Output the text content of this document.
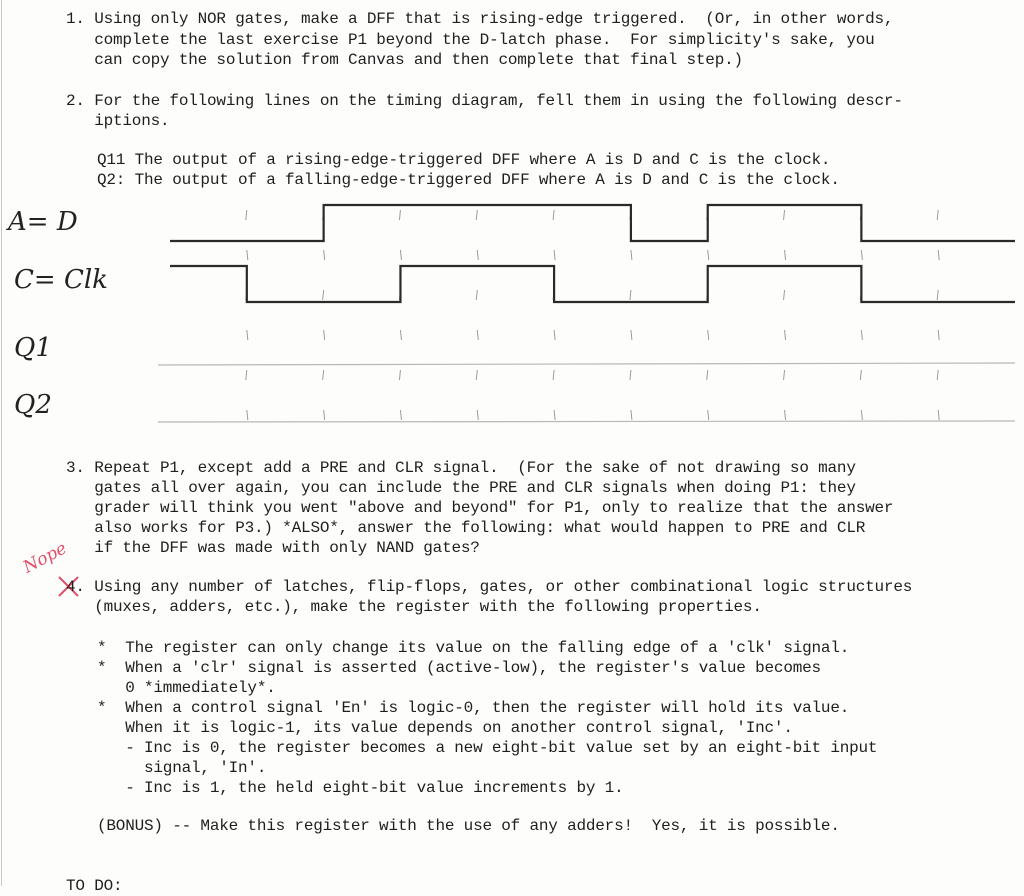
1. Using only NOR gates, make a DFF that is rising-edge triggered.  (Or, in other words,
complete the last exercise P1 beyond the D-latch phase.  For simplicity's sake, you
can copy the solution from Canvas and then complete that final step.)
2. For the following lines on the timing diagram, fell them in using the following descr-
iptions.
Q11 The output of a rising-edge-triggered DFF where A is D and C is the clock.
Q2: The output of a falling-edge-triggered DFF where A is D and C is the clock.
A= D
C= Clk
Q1
Q2
3. Repeat P1, except add a PRE and CLR signal.  (For the sake of not drawing so many
gates all over again, you can include the PRE and CLR signals when doing P1: they
grader will think you went "above and beyond" for P1, only to realize that the answer
also works for P3.) *ALSO*, answer the following: what would happen to PRE and CLR
if the DFF was made with only NAND gates?
Nope
4. Using any number of latches, flip-flops, gates, or other combinational logic structures
(muxes, adders, etc.), make the register with the following properties.
*  The register can only change its value on the falling edge of a 'clk' signal.
*  When a 'clr' signal is asserted (active-low), the register's value becomes
0 *immediately*.
*  When a control signal 'En' is logic-0, then the register will hold its value.
When it is logic-1, its value depends on another control signal, 'Inc'.
- Inc is 0, the register becomes a new eight-bit value set by an eight-bit input
signal, 'In'.
- Inc is 1, the held eight-bit value increments by 1.
(BONUS) -- Make this register with the use of any adders!  Yes, it is possible.
TO DO:
